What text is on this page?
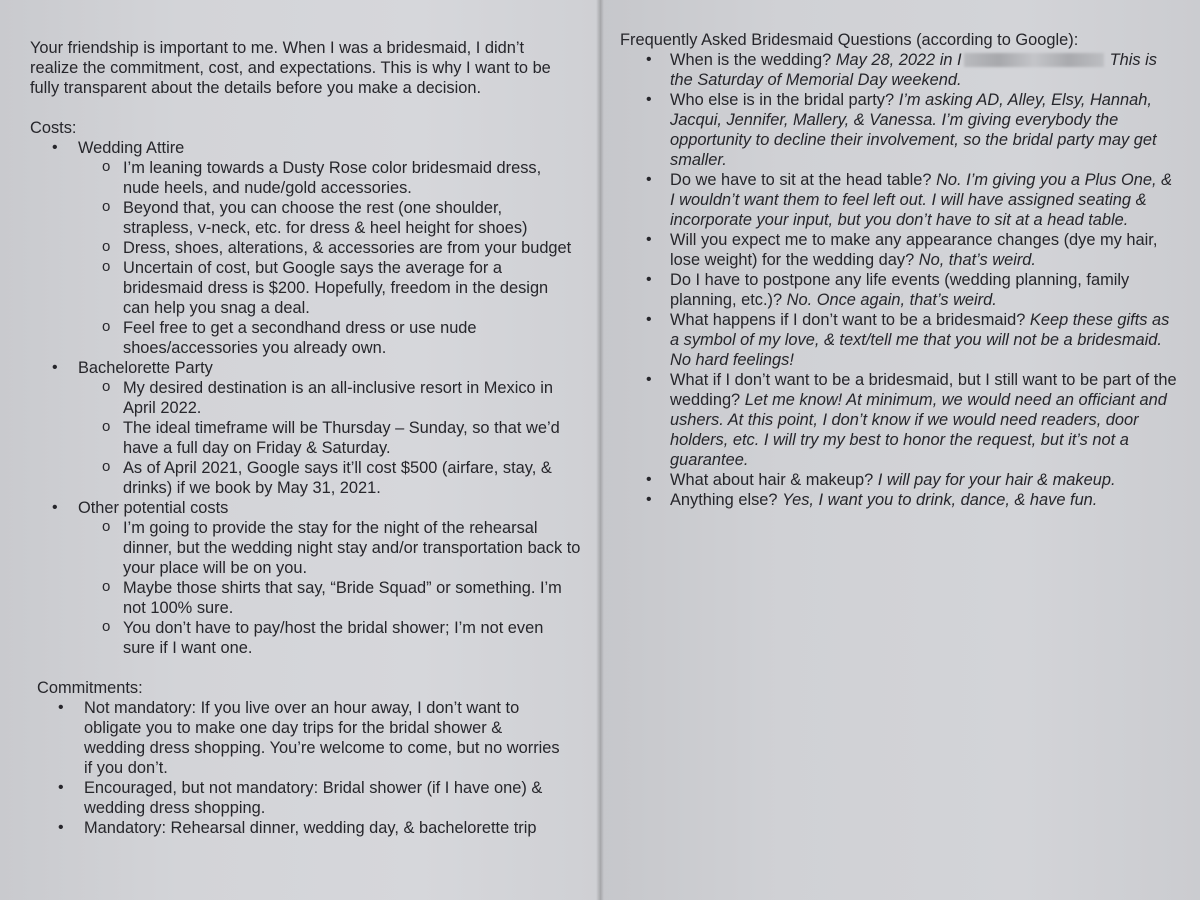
Your friendship is important to me. When I was a bridesmaid, I didn’t realize the commitment, cost, and expectations. This is why I want to be fully transparent about the details before you make a decision.

Costs:

• Wedding Attire
o I’m leaning towards a Dusty Rose color bridesmaid dress, nude heels, and nude/gold accessories.
o Beyond that, you can choose the rest (one shoulder, strapless, v-neck, etc. for dress & heel height for shoes)
o Dress, shoes, alterations, & accessories are from your budget
o Uncertain of cost, but Google says the average for a bridesmaid dress is $200. Hopefully, freedom in the design can help you snag a deal.
o Feel free to get a secondhand dress or use nude shoes/accessories you already own.
• Bachelorette Party
o My desired destination is an all-inclusive resort in Mexico in April 2022.
o The ideal timeframe will be Thursday – Sunday, so that we’d have a full day on Friday & Saturday.
o As of April 2021, Google says it’ll cost $500 (airfare, stay, & drinks) if we book by May 31, 2021.
• Other potential costs
o I’m going to provide the stay for the night of the rehearsal dinner, but the wedding night stay and/or transportation back to your place will be on you.
o Maybe those shirts that say, “Bride Squad” or something. I’m not 100% sure.
o You don’t have to pay/host the bridal shower; I’m not even sure if I want one.

Commitments:

• Not mandatory: If you live over an hour away, I don’t want to obligate you to make one day trips for the bridal shower & wedding dress shopping. You’re welcome to come, but no worries if you don’t.
• Encouraged, but not mandatory: Bridal shower (if I have one) & wedding dress shopping.
• Mandatory: Rehearsal dinner, wedding day, & bachelorette trip

Frequently Asked Bridesmaid Questions (according to Google):

• When is the wedding? May 28, 2022 in I	This is the Saturday of Memorial Day weekend.
• Who else is in the bridal party? I’m asking AD, Alley, Elsy, Hannah, Jacqui, Jennifer, Mallery, & Vanessa. I’m giving everybody the opportunity to decline their involvement, so the bridal party may get smaller.
• Do we have to sit at the head table? No. I’m giving you a Plus One, & I wouldn’t want them to feel left out. I will have assigned seating & incorporate your input, but you don’t have to sit at a head table.
• Will you expect me to make any appearance changes (dye my hair, lose weight) for the wedding day? No, that’s weird.
• Do I have to postpone any life events (wedding planning, family planning, etc.)? No. Once again, that’s weird.
• What happens if I don’t want to be a bridesmaid? Keep these gifts as a symbol of my love, & text/tell me that you will not be a bridesmaid. No hard feelings!
• What if I don’t want to be a bridesmaid, but I still want to be part of the wedding? Let me know! At minimum, we would need an officiant and ushers. At this point, I don’t know if we would need readers, door holders, etc. I will try my best to honor the request, but it’s not a guarantee.
• What about hair & makeup? I will pay for your hair & makeup.
• Anything else? Yes, I want you to drink, dance, & have fun.
